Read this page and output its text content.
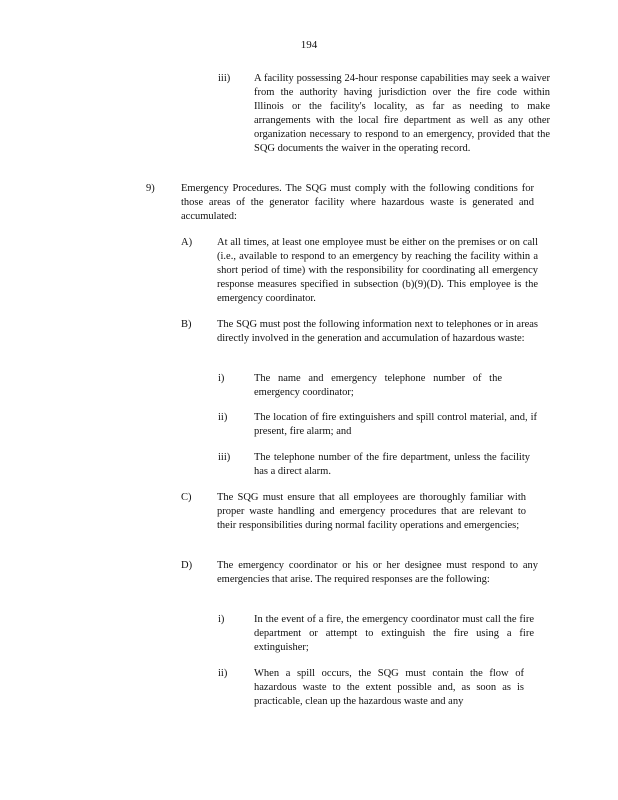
194
iii) A facility possessing 24-hour response capabilities may seek a waiver from the authority having jurisdiction over the fire code within Illinois or the facility's locality, as far as needing to make arrangements with the local fire department as well as any other organization necessary to respond to an emergency, provided that the SQG documents the waiver in the operating record.
9)	Emergency Procedures. The SQG must comply with the following conditions for those areas of the generator facility where hazardous waste is generated and accumulated:
A) At all times, at least one employee must be either on the premises or on call (i.e., available to respond to an emergency by reaching the facility within a short period of time) with the responsibility for coordinating all emergency response measures specified in subsection (b)(9)(D). This employee is the emergency coordinator.
B) The SQG must post the following information next to telephones or in areas directly involved in the generation and accumulation of hazardous waste:
i)	The name and emergency telephone number of the emergency coordinator;
ii)	The location of fire extinguishers and spill control material, and, if present, fire alarm; and
iii) The telephone number of the fire department, unless the facility has a direct alarm.
C) The SQG must ensure that all employees are thoroughly familiar with proper waste handling and emergency procedures that are relevant to their responsibilities during normal facility operations and emergencies;
D) The emergency coordinator or his or her designee must respond to any emergencies that arise. The required responses are the following:
i)	In the event of a fire, the emergency coordinator must call the fire department or attempt to extinguish the fire using a fire extinguisher;
ii)	When a spill occurs, the SQG must contain the flow of hazardous waste to the extent possible and, as soon as is practicable, clean up the hazardous waste and any
